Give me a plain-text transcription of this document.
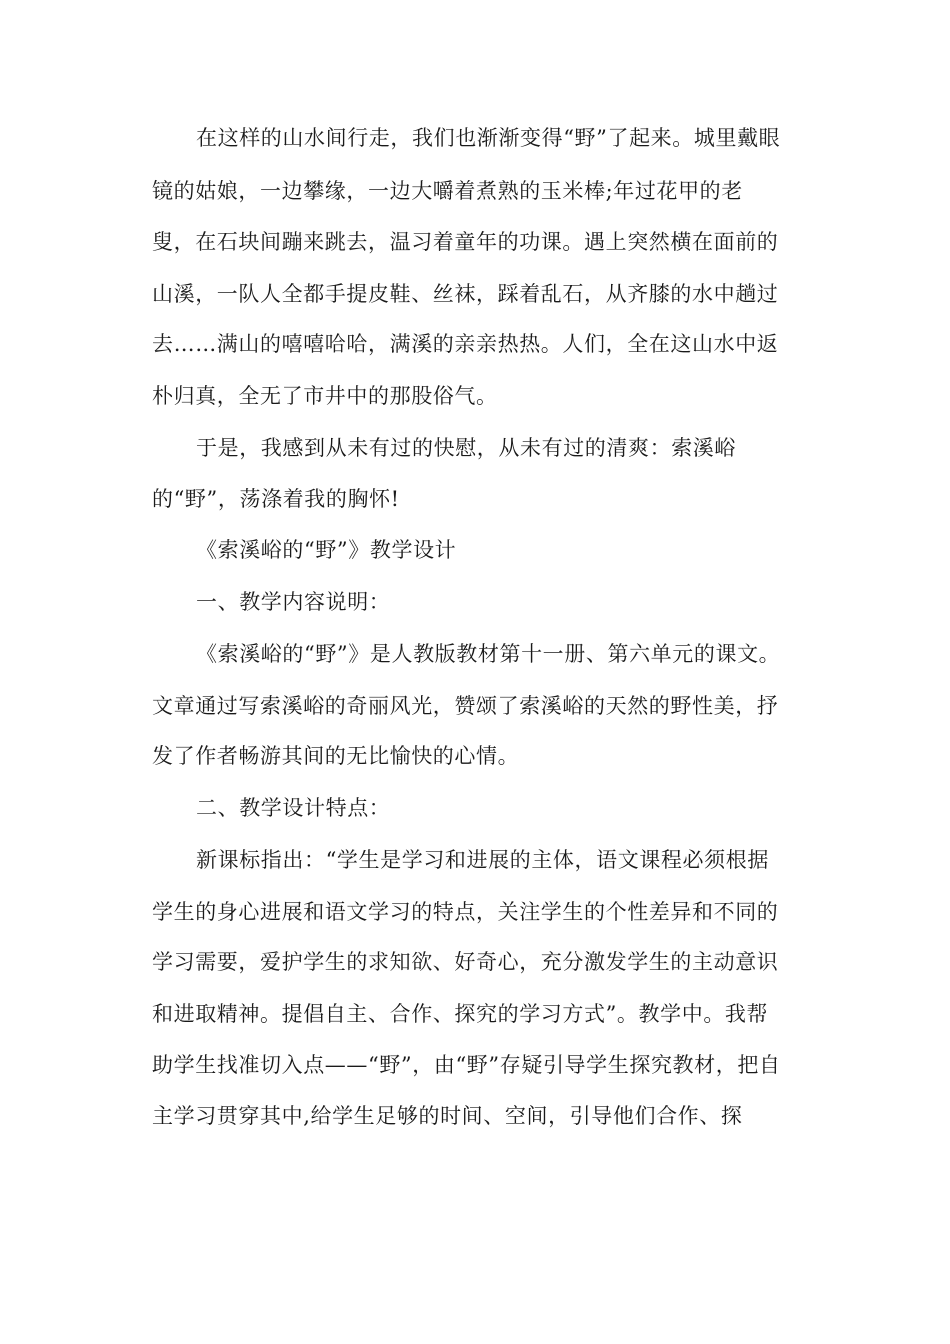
在这样的山水间行走，我们也渐渐变得“野”了起来。城里戴眼
镜的姑娘，一边攀缘，一边大嚼着煮熟的玉米棒;年过花甲的老
叟，在石块间蹦来跳去，温习着童年的功课。遇上突然横在面前的
山溪，一队人全都手提皮鞋、丝袜，踩着乱石，从齐膝的水中趟过
去……满山的嘻嘻哈哈，满溪的亲亲热热。人们，全在这山水中返
朴归真，全无了市井中的那股俗气。
于是，我感到从未有过的快慰，从未有过的清爽：索溪峪
的“野”，荡涤着我的胸怀!
《索溪峪的“野”》教学设计
一、教学内容说明：
《索溪峪的“野”》是人教版教材第十一册、第六单元的课文。
文章通过写索溪峪的奇丽风光，赞颂了索溪峪的天然的野性美，抒
发了作者畅游其间的无比愉快的心情。
二、教学设计特点：
新课标指出：“学生是学习和进展的主体，语文课程必须根据
学生的身心进展和语文学习的特点，关注学生的个性差异和不同的
学习需要，爱护学生的求知欲、好奇心，充分激发学生的主动意识
和进取精神。提倡自主、合作、探究的学习方式”。教学中。我帮
助学生找准切入点——“野”，由“野”存疑引导学生探究教材，把自
主学习贯穿其中,给学生足够的时间、空间，引导他们合作、探
